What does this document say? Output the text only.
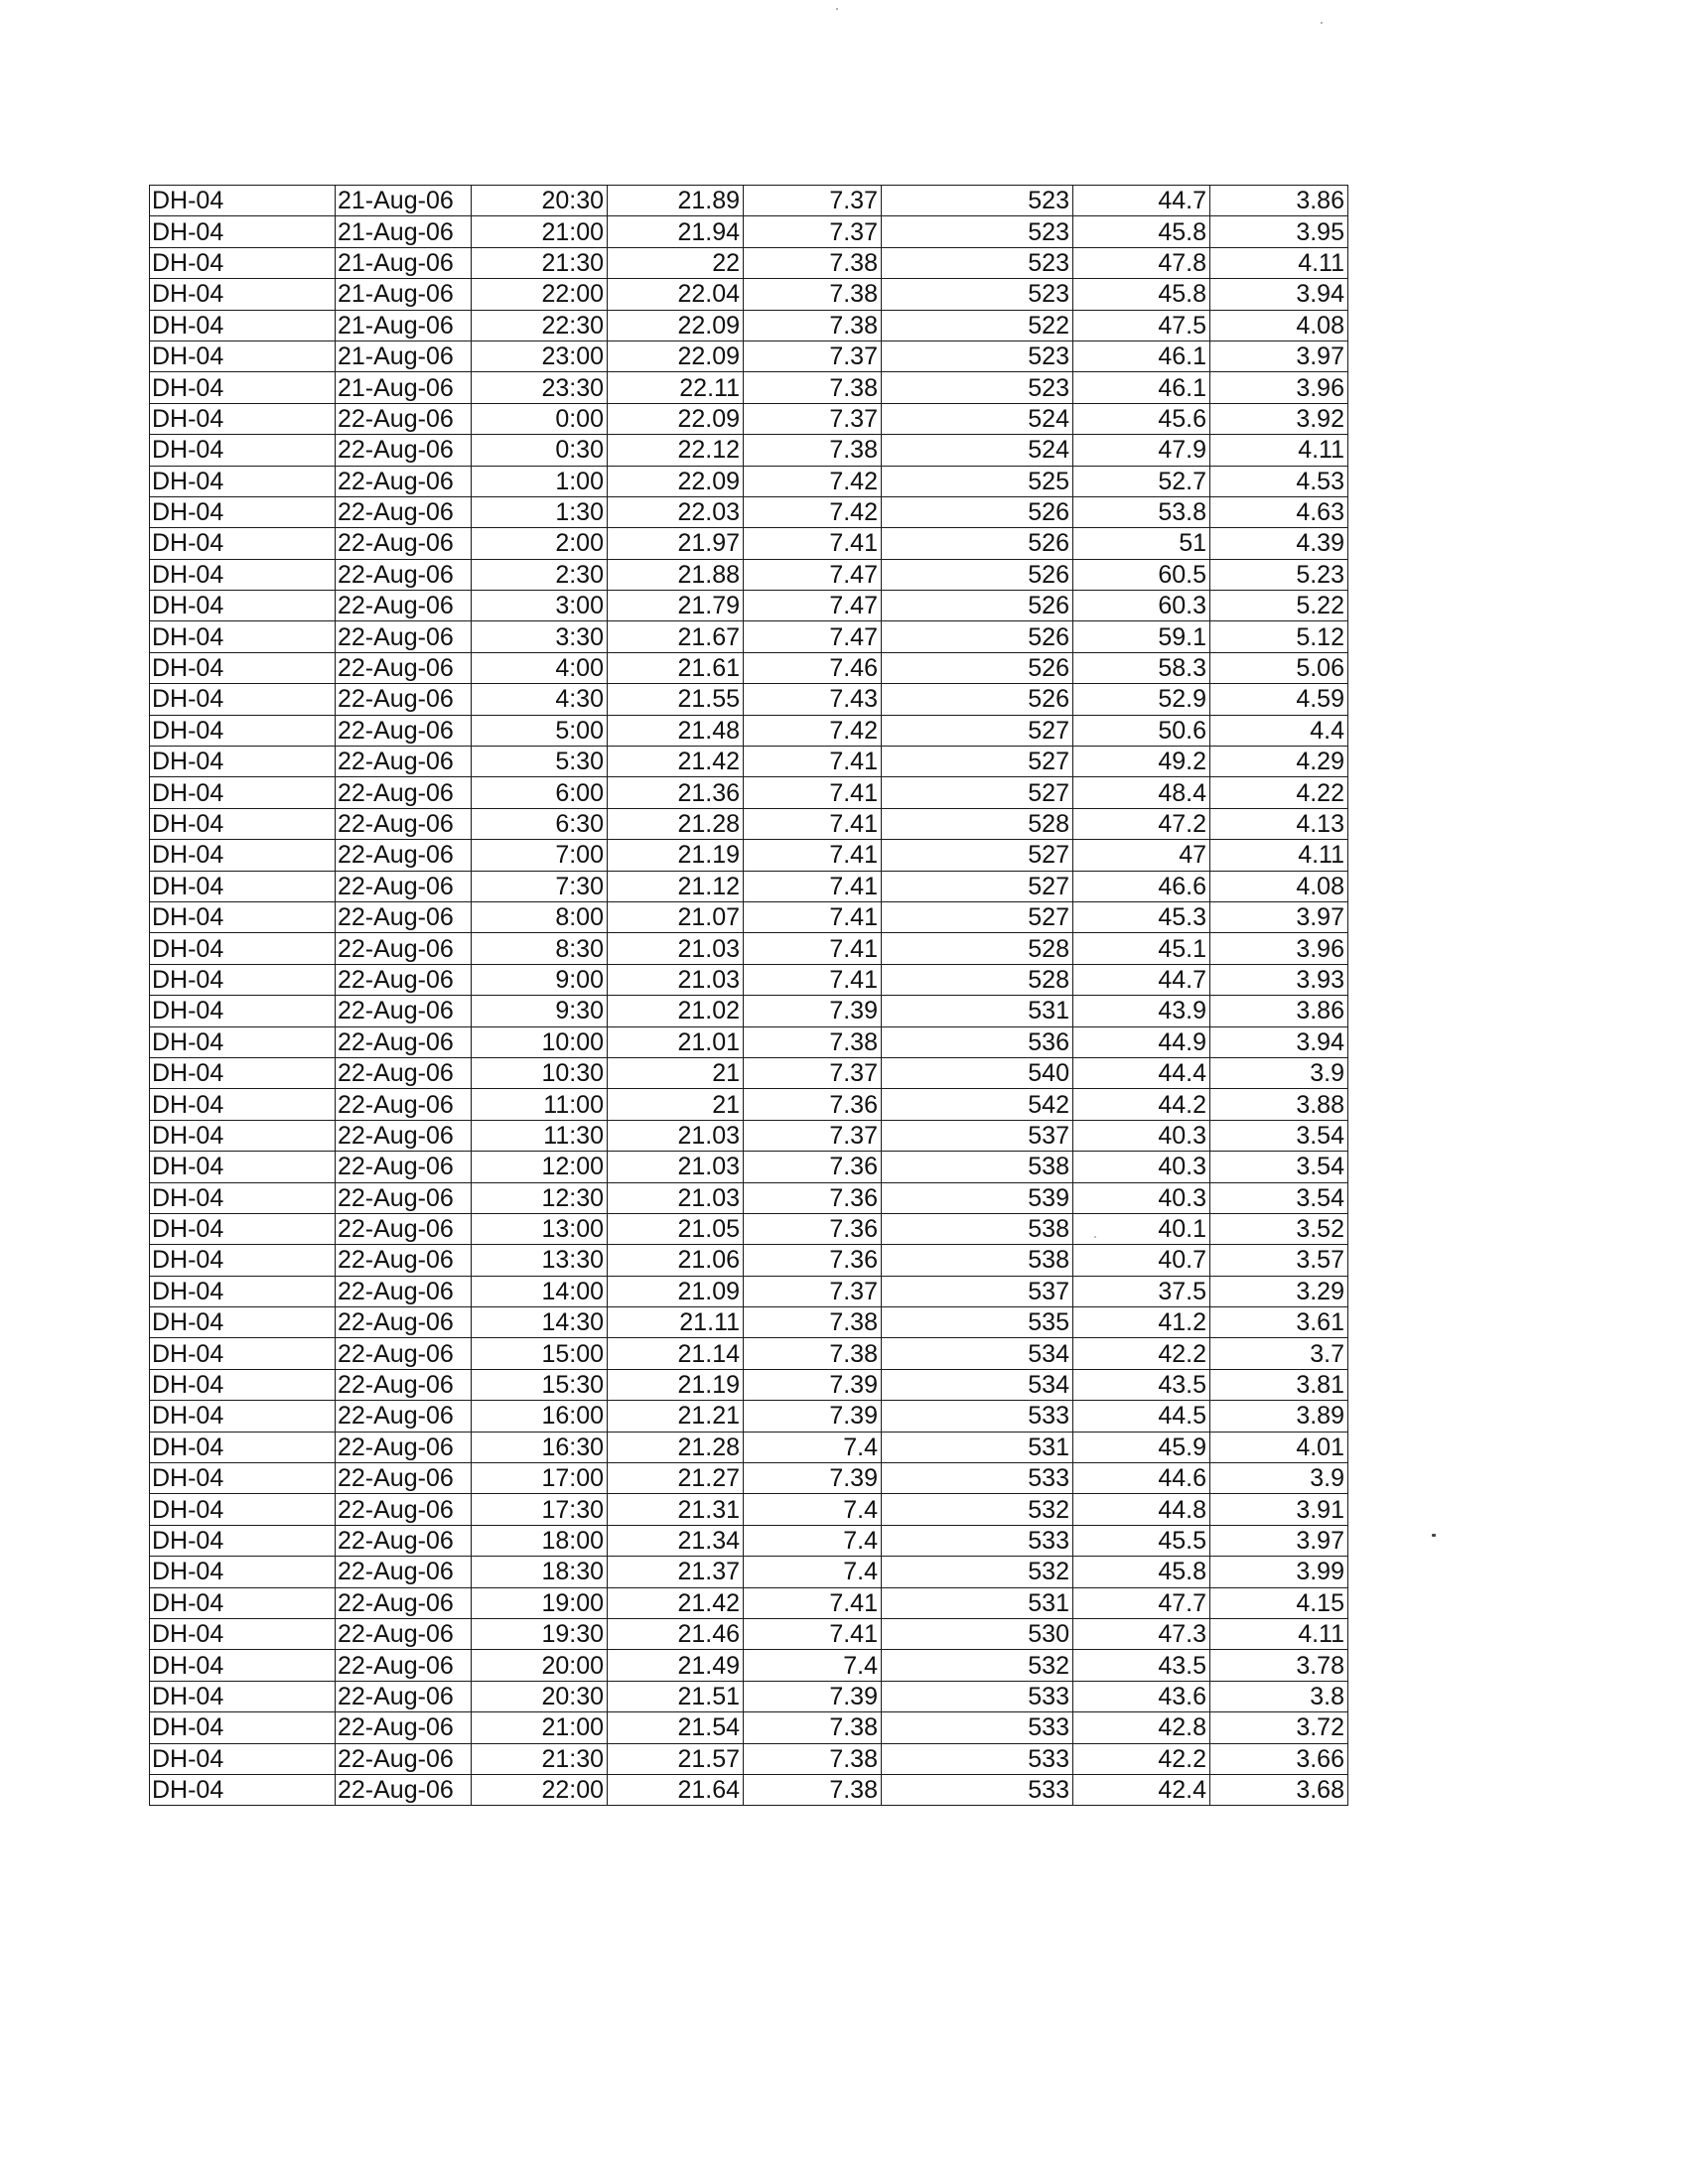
DH-04	21-Aug-06	20:30	21.89	7.37	523	44.7	3.86
DH-04	21-Aug-06	21:00	21.94	7.37	523	45.8	3.95
DH-04	21-Aug-06	21:30	22	7.38	523	47.8	4.11
DH-04	21-Aug-06	22:00	22.04	7.38	523	45.8	3.94
DH-04	21-Aug-06	22:30	22.09	7.38	522	47.5	4.08
DH-04	21-Aug-06	23:00	22.09	7.37	523	46.1	3.97
DH-04	21-Aug-06	23:30	22.11	7.38	523	46.1	3.96
DH-04	22-Aug-06	0:00	22.09	7.37	524	45.6	3.92
DH-04	22-Aug-06	0:30	22.12	7.38	524	47.9	4.11
DH-04	22-Aug-06	1:00	22.09	7.42	525	52.7	4.53
DH-04	22-Aug-06	1:30	22.03	7.42	526	53.8	4.63
DH-04	22-Aug-06	2:00	21.97	7.41	526	51	4.39
DH-04	22-Aug-06	2:30	21.88	7.47	526	60.5	5.23
DH-04	22-Aug-06	3:00	21.79	7.47	526	60.3	5.22
DH-04	22-Aug-06	3:30	21.67	7.47	526	59.1	5.12
DH-04	22-Aug-06	4:00	21.61	7.46	526	58.3	5.06
DH-04	22-Aug-06	4:30	21.55	7.43	526	52.9	4.59
DH-04	22-Aug-06	5:00	21.48	7.42	527	50.6	4.4
DH-04	22-Aug-06	5:30	21.42	7.41	527	49.2	4.29
DH-04	22-Aug-06	6:00	21.36	7.41	527	48.4	4.22
DH-04	22-Aug-06	6:30	21.28	7.41	528	47.2	4.13
DH-04	22-Aug-06	7:00	21.19	7.41	527	47	4.11
DH-04	22-Aug-06	7:30	21.12	7.41	527	46.6	4.08
DH-04	22-Aug-06	8:00	21.07	7.41	527	45.3	3.97
DH-04	22-Aug-06	8:30	21.03	7.41	528	45.1	3.96
DH-04	22-Aug-06	9:00	21.03	7.41	528	44.7	3.93
DH-04	22-Aug-06	9:30	21.02	7.39	531	43.9	3.86
DH-04	22-Aug-06	10:00	21.01	7.38	536	44.9	3.94
DH-04	22-Aug-06	10:30	21	7.37	540	44.4	3.9
DH-04	22-Aug-06	11:00	21	7.36	542	44.2	3.88
DH-04	22-Aug-06	11:30	21.03	7.37	537	40.3	3.54
DH-04	22-Aug-06	12:00	21.03	7.36	538	40.3	3.54
DH-04	22-Aug-06	12:30	21.03	7.36	539	40.3	3.54
DH-04	22-Aug-06	13:00	21.05	7.36	538	40.1	3.52
DH-04	22-Aug-06	13:30	21.06	7.36	538	40.7	3.57
DH-04	22-Aug-06	14:00	21.09	7.37	537	37.5	3.29
DH-04	22-Aug-06	14:30	21.11	7.38	535	41.2	3.61
DH-04	22-Aug-06	15:00	21.14	7.38	534	42.2	3.7
DH-04	22-Aug-06	15:30	21.19	7.39	534	43.5	3.81
DH-04	22-Aug-06	16:00	21.21	7.39	533	44.5	3.89
DH-04	22-Aug-06	16:30	21.28	7.4	531	45.9	4.01
DH-04	22-Aug-06	17:00	21.27	7.39	533	44.6	3.9
DH-04	22-Aug-06	17:30	21.31	7.4	532	44.8	3.91
DH-04	22-Aug-06	18:00	21.34	7.4	533	45.5	3.97
DH-04	22-Aug-06	18:30	21.37	7.4	532	45.8	3.99
DH-04	22-Aug-06	19:00	21.42	7.41	531	47.7	4.15
DH-04	22-Aug-06	19:30	21.46	7.41	530	47.3	4.11
DH-04	22-Aug-06	20:00	21.49	7.4	532	43.5	3.78
DH-04	22-Aug-06	20:30	21.51	7.39	533	43.6	3.8
DH-04	22-Aug-06	21:00	21.54	7.38	533	42.8	3.72
DH-04	22-Aug-06	21:30	21.57	7.38	533	42.2	3.66
DH-04	22-Aug-06	22:00	21.64	7.38	533	42.4	3.68
